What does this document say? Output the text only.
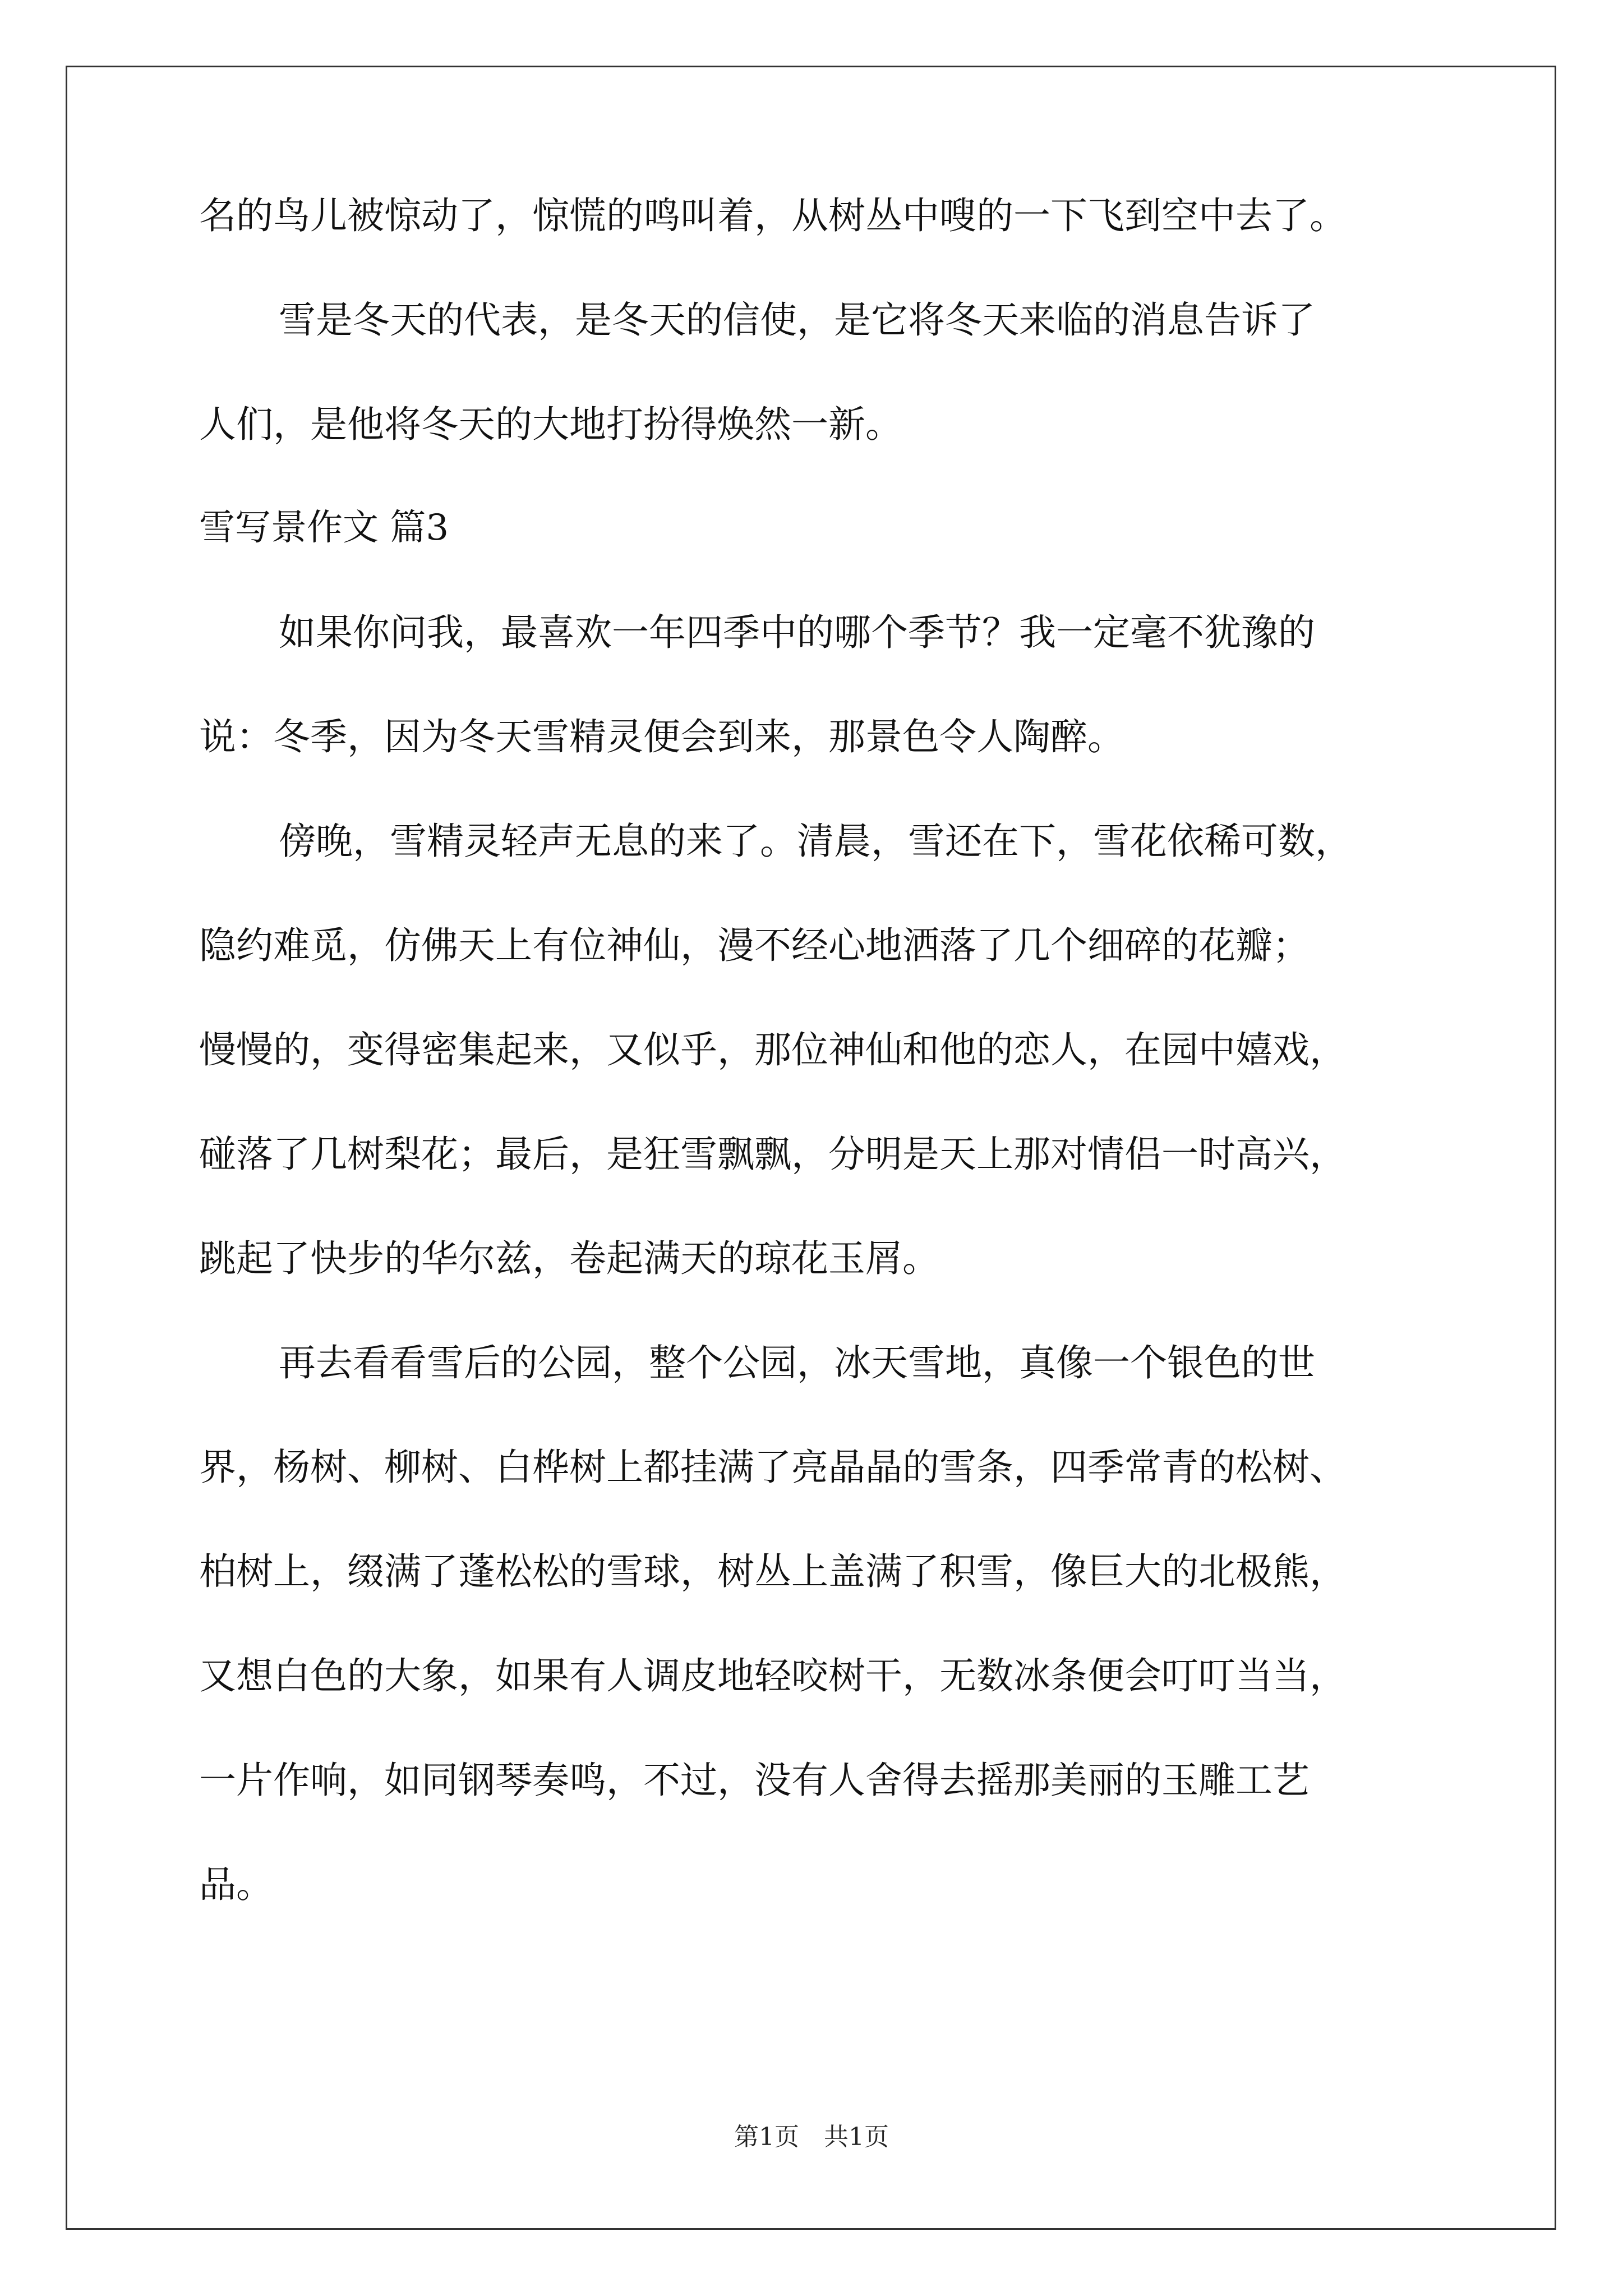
名的鸟儿被惊动了，惊慌的鸣叫着，从树丛中嗖的一下飞到空中去了。
雪是冬天的代表，是冬天的信使，是它将冬天来临的消息告诉了
人们，是他将冬天的大地打扮得焕然一新。
雪写景作文 篇3
如果你问我，最喜欢一年四季中的哪个季节？我一定毫不犹豫的
说：冬季，因为冬天雪精灵便会到来，那景色令人陶醉。
傍晚，雪精灵轻声无息的来了。清晨，雪还在下，雪花依稀可数，
隐约难觅，仿佛天上有位神仙，漫不经心地洒落了几个细碎的花瓣；
慢慢的，变得密集起来，又似乎，那位神仙和他的恋人，在园中嬉戏，
碰落了几树梨花；最后，是狂雪飘飘，分明是天上那对情侣一时高兴，
跳起了快步的华尔兹，卷起满天的琼花玉屑。
再去看看雪后的公园，整个公园，冰天雪地，真像一个银色的世
界，杨树、柳树、白桦树上都挂满了亮晶晶的雪条，四季常青的松树、
柏树上，缀满了蓬松松的雪球，树丛上盖满了积雪，像巨大的北极熊，
又想白色的大象，如果有人调皮地轻咬树干，无数冰条便会叮叮当当，
一片作响，如同钢琴奏鸣，不过，没有人舍得去摇那美丽的玉雕工艺
品。
第1页　共1页
